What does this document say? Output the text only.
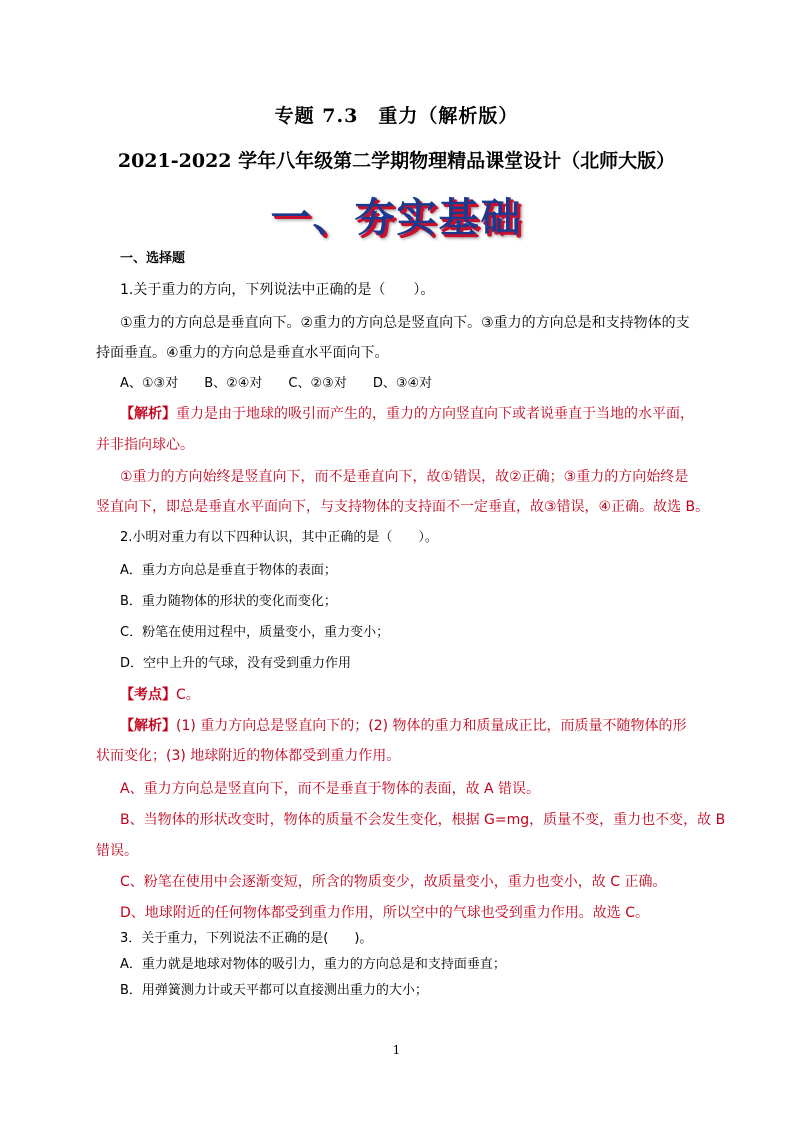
专题 7.3　重力（解析版）
2021-2022 学年八年级第二学期物理精品课堂设计（北师大版）
一、夯实基础
一、选择题
1.关于重力的方向，下列说法中正确的是（　　）。
①重力的方向总是垂直向下。②重力的方向总是竖直向下。③重力的方向总是和支持物体的支
持面垂直。④重力的方向总是垂直水平面向下。
A、①③对　　B、②④对　　C、②③对　　D、③④对
【解析】重力是由于地球的吸引而产生的，重力的方向竖直向下或者说垂直于当地的水平面，
并非指向球心。
①重力的方向始终是竖直向下，而不是垂直向下，故①错误，故②正确；③重力的方向始终是
竖直向下，即总是垂直水平面向下，与支持物体的支持面不一定垂直，故③错误，④正确。故选 B。
2.小明对重力有以下四种认识，其中正确的是（　　）。
A．重力方向总是垂直于物体的表面；
B．重力随物体的形状的变化而变化；
C．粉笔在使用过程中，质量变小，重力变小；
D．空中上升的气球，没有受到重力作用
【考点】C。
【解析】(1) 重力方向总是竖直向下的；(2) 物体的重力和质量成正比，而质量不随物体的形
状而变化；(3) 地球附近的物体都受到重力作用。
A、重力方向总是竖直向下，而不是垂直于物体的表面，故 A 错误。
B、当物体的形状改变时，物体的质量不会发生变化，根据 G=mg，质量不变，重力也不变，故 B
错误。
C、粉笔在使用中会逐渐变短，所含的物质变少，故质量变小，重力也变小，故 C 正确。
D、地球附近的任何物体都受到重力作用，所以空中的气球也受到重力作用。故选 C。
3．关于重力，下列说法不正确的是(　　)。
A．重力就是地球对物体的吸引力，重力的方向总是和支持面垂直；
B．用弹簧测力计或天平都可以直接测出重力的大小；
1
